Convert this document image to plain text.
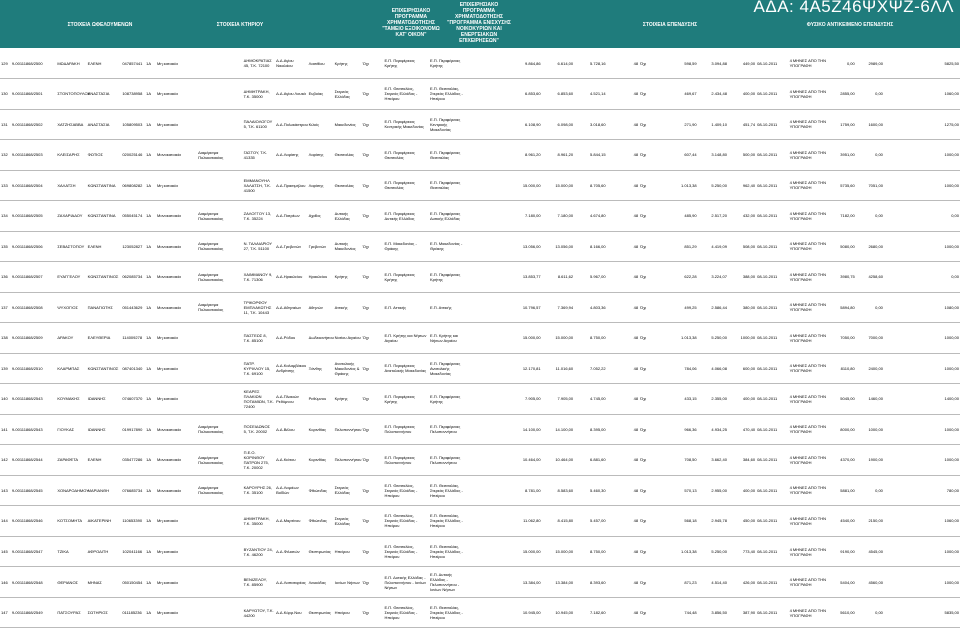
ΣΤΟΙΧΕΙΑ ΩΦΕΛΟΥΜΕΝΩΝ	ΣΤΟΙΧΕΙΑ ΚΤΗΡΙΟΥ
ΕΠΙΧΕΙΡΗΣΙΑΚΟ ΠΡΟΓΡΑΜΜΑ ΧΡΗΜΑΤΟΔΟΤΗΣΗΣ "ΤΑΜΕΙΟ ΕΞΟΙΚΟΝΟΜΩ ΚΑΤ' ΟΙΚΟΝ"
ΕΠΙΧΕΙΡΗΣΙΑΚΟ ΠΡΟΓΡΑΜΜΑ ΧΡΗΜΑΤΟΔΟΤΗΣΗΣ "ΠΡΟΓΡΑΜΜΑ ΕΝΙΣΧΥΣΗΣ ΝΟΙΚΟΚΥΡΙΩΝ ΚΑΙ ΕΝΕΡΓΕΙΑΚΩΝ ΕΠΙΧΕΙΡΗΣΕΩΝ"
ΣΤΟΙΧΕΙΑ ΕΠΕΝΔΥΣΗΣ	ΦΥΣΙΚΟ ΑΝΤΙΚΕΙΜΕΝΟ ΕΠΕΝΔΥΣΗΣ
ΑΔΑ: 4Α5Ζ46ΨΧΨΖ-6ΛΛ
129	9-00111868/2500	ΜΩΔΑΡΑΚΗ	ΕΛΕΝΗ	047857441	1Α	Μη κατοικία			ΔΗΜΟΚΡΑΤΙΑΣ 45, Τ.Κ. 72100	Δ.Δ.Αγίου Νικολάου	Λασιθίου	Κρήτης	Όχι	Ε.Π. Περιφέρειας Κρήτης	Ε.Π. Περιφέρειας Κρήτης		9.864,86	6.614,00	5.728,16	48	Όχι		598,59	3.094,88	449,00	08-10-2011	4 ΜΗΝΕΣ ΑΠΟ ΤΗΝ ΥΠΟΓΡΑΦΗ	0,00	2989,00	5825,50
130	9-00111868/2501	ΣΤΟΝΤΟΠΟΥΛΟΥ	ΑΝΑΣΤΑΣΙΑ	108738958	1Α	Μη κατοικία			ΔΗΜΗΤΡΑΚΗ, Τ.Κ. 35000	Δ.Δ.Αγίου Λουκά	Ευβοίας	Στερεάς Ελλάδας	Όχι	Ε.Π. Θεσσαλίας, Στερεάς Ελλάδας - Ηπείρου	Ε.Π. Θεσσαλίας, Στερεάς Ελλάδας - Ηπείρου		6.853,60	6.853,60	4.521,14	48	Όχι		469,67	2.434,48	400,00	08-10-2011	4 ΜΗΝΕΣ ΑΠΟ ΤΗΝ ΥΠΟΓΡΑΦΗ	2855,00	0,00	1060,00
131	9-00111868/2502	ΧΑΤΖΗΣΑΒΒΑ	ΑΝΑΣΤΑΣΙΑ	105809503	1Α	Μη κατοικία			ΠΑΛΑΙΟΛΟΓΟΥ 5, Τ.Κ. 61100	Δ.Δ.Πολυκάστρου	Κιλκίς	Μακεδονίας	Όχι	Ε.Π. Περιφέρειας Κεντρικής Μακεδονίας	Ε.Π. Περιφέρειας Κεντρικής Μακεδονίας		6.108,90	6.098,00	3.018,60	48	Όχι		271,90	1.409,10	451,74	08-10-2011	4 ΜΗΝΕΣ ΑΠΟ ΤΗΝ ΥΠΟΓΡΑΦΗ	1759,00	1600,00	1275,00
132	9-00111868/2503	ΚΛΕΙΣΑΡΗΣ	ΦΩΤΙΟΣ	020025146	1Α	Μονοκατοικία	Διαμέρισμα Πολυκατοικίας		ΓΑΣΤΟΥ, Τ.Κ. 41335	Δ.Δ.Λαρίσης	Λαρίσης	Θεσσαλίας	Όχι	Ε.Π. Περιφέρειας Θεσσαλίας	Ε.Π. Περιφέρειας Θεσσαλίας		8.961,20	8.961,20	5.844,15	48	Όχι		607,44	3.148,80	500,00	08-10-2011	4 ΜΗΝΕΣ ΑΠΟ ΤΗΝ ΥΠΟΓΡΑΦΗ	3951,00	0,00	1000,00
133	9-00111868/2504	ΧΑΛΑΤΣΗ	ΚΩΝΣΤΑΝΤΙΝΑ	069808282	1Α	Μη κατοικία			ΕΜΜΑΝΟΥΗΛ ΧΑΛΑΤΣΗ, Τ.Κ. 41500	Δ.Δ.Πρασιμήλου	Λαρίσης	Θεσσαλίας	Όχι	Ε.Π. Περιφέρειας Θεσσαλίας	Ε.Π. Περιφέρειας Θεσσαλίας		15.000,00	15.000,00	8.705,60	48	Όχι		1.013,38	5.250,00	962,40	08-10-2011	4 ΜΗΝΕΣ ΑΠΟ ΤΗΝ ΥΠΟΓΡΑΦΗ	5735,60	7051,00	1000,00
134	9-00111868/2505	ΖΑΧΑΡΙΑΔΟΥ	ΚΩΝΣΤΑΝΤΙΝΑ	055045174	1Α	Μονοκατοικία	Διαμέρισμα Πολυκατοικίας		ΖΑΛΟΓΓΟΥ 13, Τ.Κ. 35224	Δ.Δ.Πατρέων	Αχαΐας	Δυτικής Ελλάδας	Όχι	Ε.Π. Περιφέρειας Δυτικής Ελλάδας	Ε.Π. Περιφέρειας Δυτικής Ελλάδας		7.180,00	7.180,00	4.674,80	48	Όχι		485,90	2.517,20	432,00	08-10-2011	4 ΜΗΝΕΣ ΑΠΟ ΤΗΝ ΥΠΟΓΡΑΦΗ	7182,00	0,00	0,00
135	9-00111868/2506	ΣΕΒΑΣΤΟΠΟΥ	ΕΛΕΝΗ	123052827	1Α	Μονοκατοικία	Διαμέρισμα Πολυκατοικίας		Ν. ΤΑΛΑΙΔΡΙΟΥ 27, Τ.Κ. 51100	Δ.Δ.Γρεβενών	Γρεβενών	Δυτικής Μακεδονίας	Όχι	Ε.Π. Μακεδονίας - Θράκης	Ε.Π. Μακεδονίας - Θράκης		13.056,00	13.056,00	8.166,00	48	Όχι		851,29	4.419,09	508,00	08-10-2011	4 ΜΗΝΕΣ ΑΠΟ ΤΗΝ ΥΠΟΓΡΑΦΗ	5080,00	2680,00	1000,00
136	9-00111868/2507	ΕΥΑΓΓΕΛΟΥ	ΚΩΝΣΤΑΝΤΙΝΟΣ	062085734	1Α	Μονοκατοικία	Διαμέρισμα Πολυκατοικίας		ΧΑΙΜΜΑΝΟΥ 9, Τ.Κ. 71306	Δ.Δ.Ηρακλείου	Ηρακλείου	Κρήτης	Όχι	Ε.Π. Περιφέρειας Κρήτης	Ε.Π. Περιφέρειας Κρήτης		13.853,77	8.611,62	5.967,00	48	Όχι		622,28	3.224,07	388,00	08-10-2011	4 ΜΗΝΕΣ ΑΠΟ ΤΗΝ ΥΠΟΓΡΑΦΗ	3980,75	4258,60	0,00
137	9-00111868/2508	ΨΥΧΟΓΙΟΣ	ΠΑΝΑΓΙΩΤΗΣ	051443629	1Α	Μονοκατοικία	Διαμέρισμα Πολυκατοικίας		ΤΡΙΚΟΡΦΟΥ ΕΜΠΛΑΚΩΤΗΣ 11, Τ.Κ. 10443	Δ.Δ.Αθηναίων	Αθηνών	Αττικής	Όχι	Ε.Π. Αττικής	Ε.Π. Αττικής		10.796,57	7.369,94	4.803,36	48	Όχι		499,25	2.586,44	380,00	08-10-2011	4 ΜΗΝΕΣ ΑΠΟ ΤΗΝ ΥΠΟΓΡΑΦΗ	5894,80	0,00	1080,00
138	9-00111868/2509	ΔΡΑΚΟΥ	ΕΛΕΥΘΕΡΙΑ	114009278	1Α	Μη κατοικία			ΠΑΣΤΕΩΣ 8, Τ.Κ. 85100	Δ.Δ.Ρόδου	Δωδεκανήσου	Νοτίου Αιγαίου	Όχι	Ε.Π. Κρήτης και Νήσων Αιγαίου	Ε.Π. Κρήτης και Νήσων Αιγαίου		15.000,00	15.000,00	8.750,00	48	Όχι		1.013,38	5.250,00	1000,00	08-10-2011	4 ΜΗΝΕΣ ΑΠΟ ΤΗΝ ΥΠΟΓΡΑΦΗ	7050,00	7000,00	1000,00
139	9-00111868/2510	ΚΛΑΡΜΠΑΣ	ΚΩΝΣΤΑΝΤΙΝΟΣ	087401340	1Α	Μη κατοικία			ΠΑΤΡ. ΚΥΡΙΛΛΟΥ 15, Τ.Κ. 69100	Δ.Δ.Καλαμβάκου Ανδρίτσης	Ξάνθης	Ανατολικής Μακεδονίας & Θράκης	Όχι	Ε.Π. Περιφέρειας Ανατολικής Μακεδονίας	Ε.Π. Περιφέρειας Ανατολικής Μακεδονίας		12.170,81	11.016,60	7.052,22	48	Όχι		784,06	4.066,08	600,00	08-10-2011	4 ΜΗΝΕΣ ΑΠΟ ΤΗΝ ΥΠΟΓΡΑΦΗ	8110,80	2400,00	1000,00
140	9-00111868/2543	ΚΟΥΜΑΚΗΣ	ΙΩΑΝΝΗΣ	074607370	1Α	Μη κατοικία			ΚΕΑΡΕΣ ΠΛΑΚΙΩΝ ΠΟΤΑΜΙΩΝ, Τ.Κ. 72400	Δ.Δ.Πλακιών Ρεθύμνου	Ρεθύμνου	Κρήτης	Όχι	Ε.Π. Περιφέρειας Κρήτης	Ε.Π. Περιφέρειας Κρήτης		7.905,00	7.905,00	4.745,00	48	Όχι		433,15	2.355,00	400,00	08-10-2011	4 ΜΗΝΕΣ ΑΠΟ ΤΗΝ ΥΠΟΓΡΑΦΗ	5045,00	1460,00	1400,00
141	9-00111868/2543	ΓΙΟΥΚΑΣ	ΙΩΑΝΝΗΣ	019917890	1Α	Μονοκατοικία	Διαμέρισμα Πολυκατοικίας		ΠΟΣΕΙΔΩΝΟΣ 5, Τ.Κ. 20002	Δ.Δ.Βέλου	Κορινθίας	Πελοποννήσου	Όχι	Ε.Π. Περιφέρειας Πελοποννήσου	Ε.Π. Περιφέρειας Πελοποννήσου		14.100,00	14.100,00	8.395,00	48	Όχι		966,36	4.934,25	470,40	08-10-2011	4 ΜΗΝΕΣ ΑΠΟ ΤΗΝ ΥΠΟΓΡΑΦΗ	8000,00	1000,00	1000,00
142	9-00111868/2544	ΖΑΡΑΦΕΤΑ	ΕΛΕΝΗ	035477286	1Α	Μονοκατοικία	Διαμέρισμα Πολυκατοικίας		Π.Ε.Ο. ΚΟΡΙΝΘΟΥ ΠΑΤΡΩΝ 275, Τ.Κ. 20002	Δ.Δ.Κιάτου	Κορινθίας	Πελοποννήσου	Όχι	Ε.Π. Περιφέρειας Πελοποννήσου	Ε.Π. Περιφέρειας Πελοποννήσου		10.464,00	10.464,00	6.881,60	48	Όχι		708,50	3.662,40	384,60	08-10-2011	4 ΜΗΝΕΣ ΑΠΟ ΤΗΝ ΥΠΟΓΡΑΦΗ	4370,00	1900,00	1000,00
143	9-00111868/2545	ΧΟΝΔΡΟΔΗΜΟΥ	ΜΑΡΙΑΝΘΗ	076685734	1Α	Μονοκατοικία	Διαμέρισμα Πολυκατοικίας		ΚΑΡΟΥΡΗΣ 26, Τ.Κ. 35100	Δ.Δ.Λαμιέων Βοϊδών	Φθιώτιδας	Στερεάς Ελλάδας	Όχι	Ε.Π. Θεσσαλίας, Στερεάς Ελλάδας - Ηπείρου	Ε.Π. Θεσσαλίας, Στερεάς Ελλάδας - Ηπείρου		8.781,00	8.583,60	5.460,30	48	Όχι		570,13	2.955,00	400,00	08-10-2011	4 ΜΗΝΕΣ ΑΠΟ ΤΗΝ ΥΠΟΓΡΑΦΗ	5881,00	0,00	780,00
144	9-00111868/2546	ΚΟΤΣΟΜΗΤΑ	ΑΙΚΑΤΕΡΙΝΗ	110653390	1Α	Μη κατοικία			ΔΗΜΗΤΡΑΚΗ, Τ.Κ. 35000	Δ.Δ.Μαρτίνου	Φθιώτιδας	Στερεάς Ελλάδας	Όχι	Ε.Π. Θεσσαλίας, Στερεάς Ελλάδας - Ηπείρου	Ε.Π. Θεσσαλίας, Στερεάς Ελλάδας - Ηπείρου		11.062,80	8.415,80	5.457,00	48	Όχι		568,18	2.945,78	450,00	08-10-2011	4 ΜΗΝΕΣ ΑΠΟ ΤΗΝ ΥΠΟΓΡΑΦΗ	4540,00	2150,00	1060,00
145	9-00111868/2547	ΤΖΙΚΑ	ΑΦΡΟΔΙΤΗ	102041166	1Α	Μη κατοικία			ΒΥΖΑΝΤΙΟΥ 24, Τ.Κ. 46200	Δ.Δ.Φιλιατών	Θεσπρωτίας	Ηπείρου	Όχι	Ε.Π. Θεσσαλίας, Στερεάς Ελλάδας - Ηπείρου	Ε.Π. Θεσσαλίας, Στερεάς Ελλάδας - Ηπείρου		15.000,00	15.000,00	8.750,00	48	Όχι		1.013,38	5.250,00	773,40	08-10-2011	4 ΜΗΝΕΣ ΑΠΟ ΤΗΝ ΥΠΟΓΡΑΦΗ	9190,00	4545,00	1000,00
146	9-00111868/2548	ΘΕΡΙΑΝΟΣ	ΜΗΝΑΣ	050150454	1Α	Μη κατοικία			ΒΕΝΙΖΕΛΟΥ, Τ.Κ. 85900	Δ.Δ.Λαπαταρέας	Λευκάδας	Ιονίων Νήσων	Όχι	Ε.Π. Δυτικής Ελλάδας - Πελοποννήσου - Ιονίων Νήσων	Ε.Π. Δυτικής Ελλάδας - Πελοποννήσου - Ιονίων Νήσων		13.384,00	13.384,00	8.393,60	48	Όχι		871,23	4.514,40	426,00	08-10-2011	4 ΜΗΝΕΣ ΑΠΟ ΤΗΝ ΥΠΟΓΡΑΦΗ	5404,00	4560,00	1000,00
147	9-00111868/2549	ΠΑΤΣΟΥΡΑΣ	ΣΩΤΗΡΙΟΣ	011185236	1Α	Μη κατοικία			ΚΑΡΥΩΤΟΥ, Τ.Κ. 44200	Δ.Δ.Κόρρ.Νου	Θεσπρωτίας	Ηπείρου	Όχι	Ε.Π. Θεσσαλίας, Στερεάς Ελλάδας - Ηπείρου	Ε.Π. Θεσσαλίας, Στερεάς Ελλάδας - Ηπείρου		10.945,00	10.945,00	7.182,60	48	Όχι		744,48	3.856,50	387,90	08-10-2011	4 ΜΗΝΕΣ ΑΠΟ ΤΗΝ ΥΠΟΓΡΑΦΗ	5610,00	0,00	5835,00
